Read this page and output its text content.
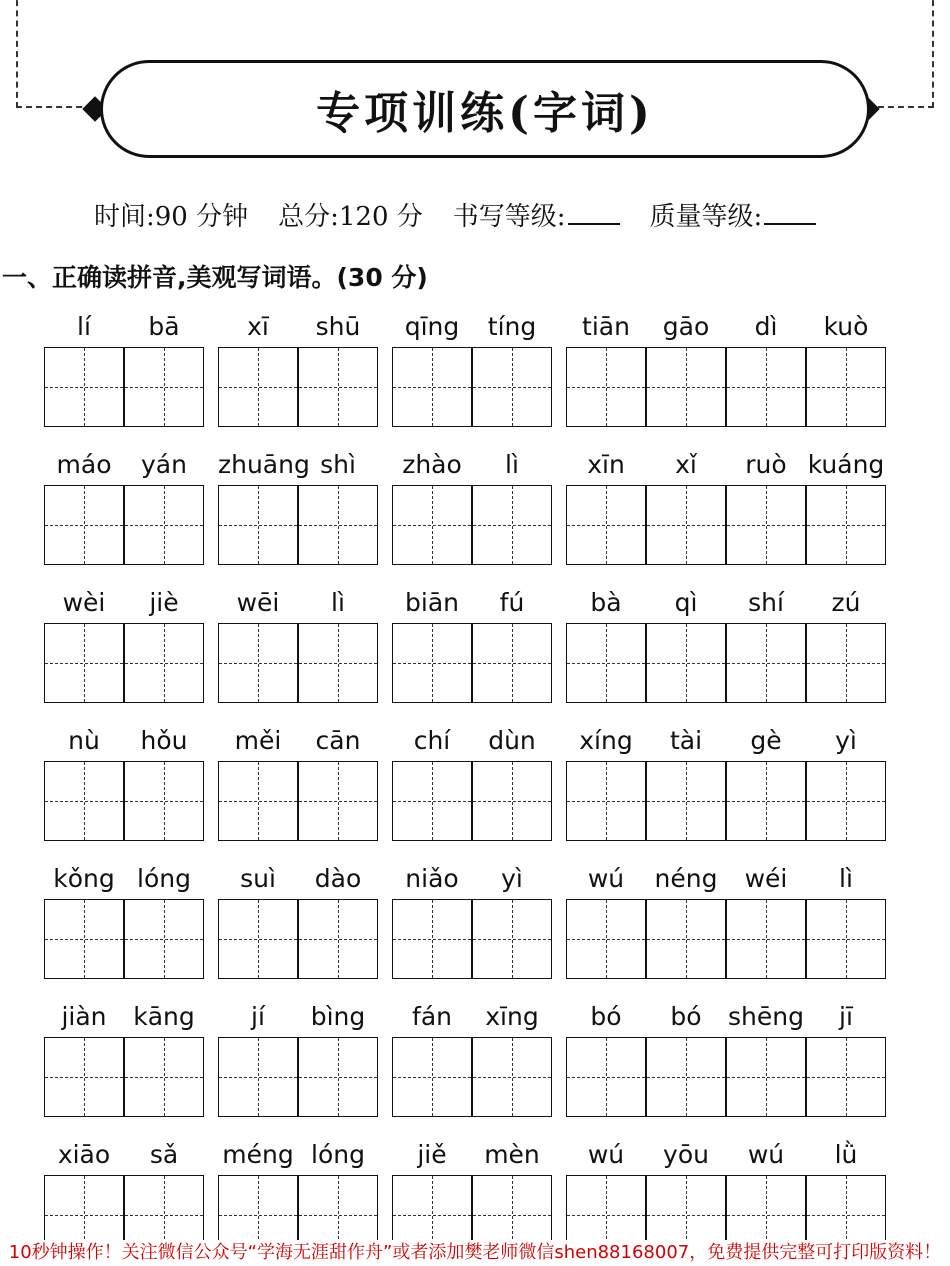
专项训练(字词)
时间:90 分钟 总分:120 分 书写等级:	质量等级:
一、正确读拼音,美观写词语。(30 分)
lí	bā	xī	shū	qīng	tíng	tiān	gāo	dì	kuò
máo	yán	zhuāng shì	zhào	lì	xīn	xǐ	ruò kuáng
wèi	jiè	wēi	lì	biān	fú	bà	qì	shí	zú
nù	hǒu	měi	cān	chí	dùn	xíng	tài	gè	yì
kǒng lóng	suì	dào	niǎo	yì	wú	néng	wéi	lì
jiàn	kāng	jí	bìng	fán	xīng	bó	bó	shēng	jī
xiāo	sǎ	méng lóng	jiě	mèn	wú	yōu	wú	lǜ
10秒钟操作！关注微信公众号“学海无涯甜作舟”或者添加樊老师微信shen88168007，免费提供完整可打印版资料！
